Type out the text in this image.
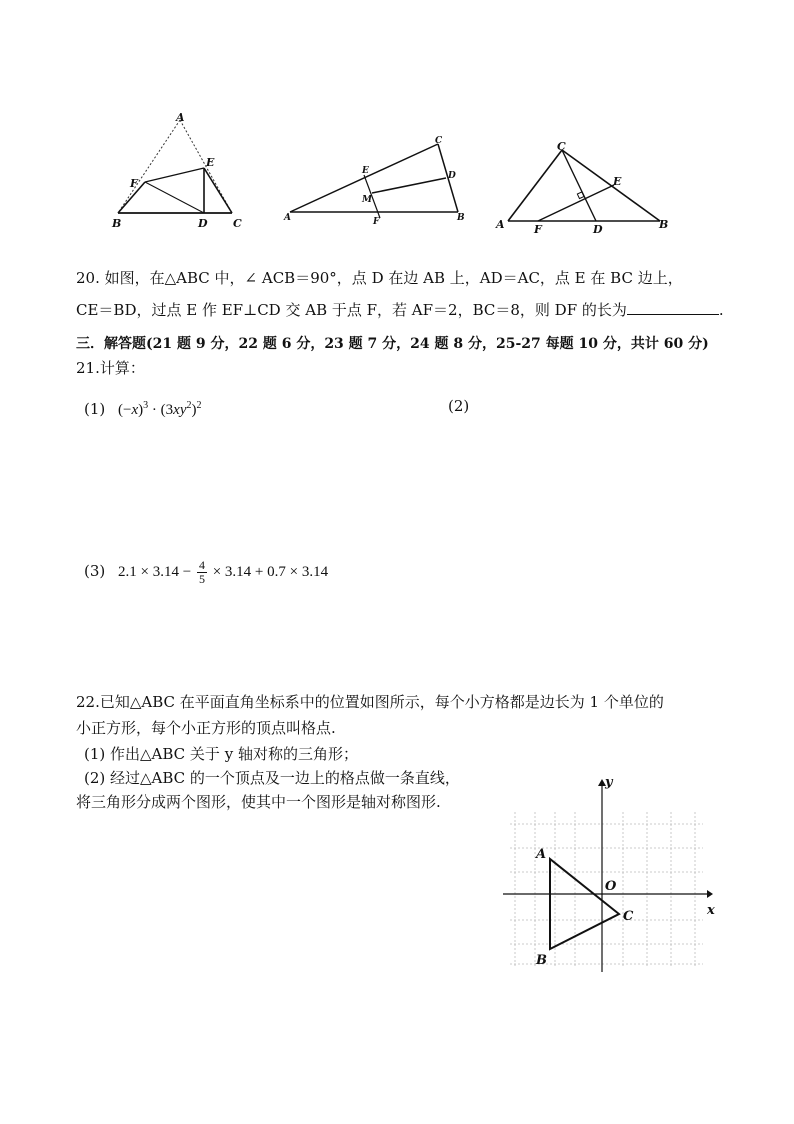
A
E
F
B	D C
C
E	D
M
A	F	B
C
E
A	F	D	B
20. 如图，在△ABC 中，∠ ACB＝90°，点 D 在边 AB 上，AD＝AC，点 E 在 BC 边上，
CE＝BD，过点 E 作 EF⊥CD 交 AB 于点 F，若 AF＝2，BC＝8，则 DF 的长为	.
三．解答题(21 题 9 分，22 题 6 分，23 题 7 分，24 题 8 分，25-27 每题 10 分，共计 60 分)
21.计算：
(1) $(-x)^3 \cdot (3xy^2)^2$	(2)
(3) $2.1 \times 3.14 - \frac{4}{5} \times 3.14 + 0.7 \times 3.14$
22.已知△ABC 在平面直角坐标系中的位置如图所示，每个小方格都是边长为 1 个单位的
小正方形，每个小正方形的顶点叫格点.
(1) 作出△ABC 关于 y 轴对称的三角形；
(2) 经过△ABC 的一个顶点及一边上的格点做一条直线，
将三角形分成两个图形，使其中一个图形是轴对称图形.
y
x
O
A
B
C
